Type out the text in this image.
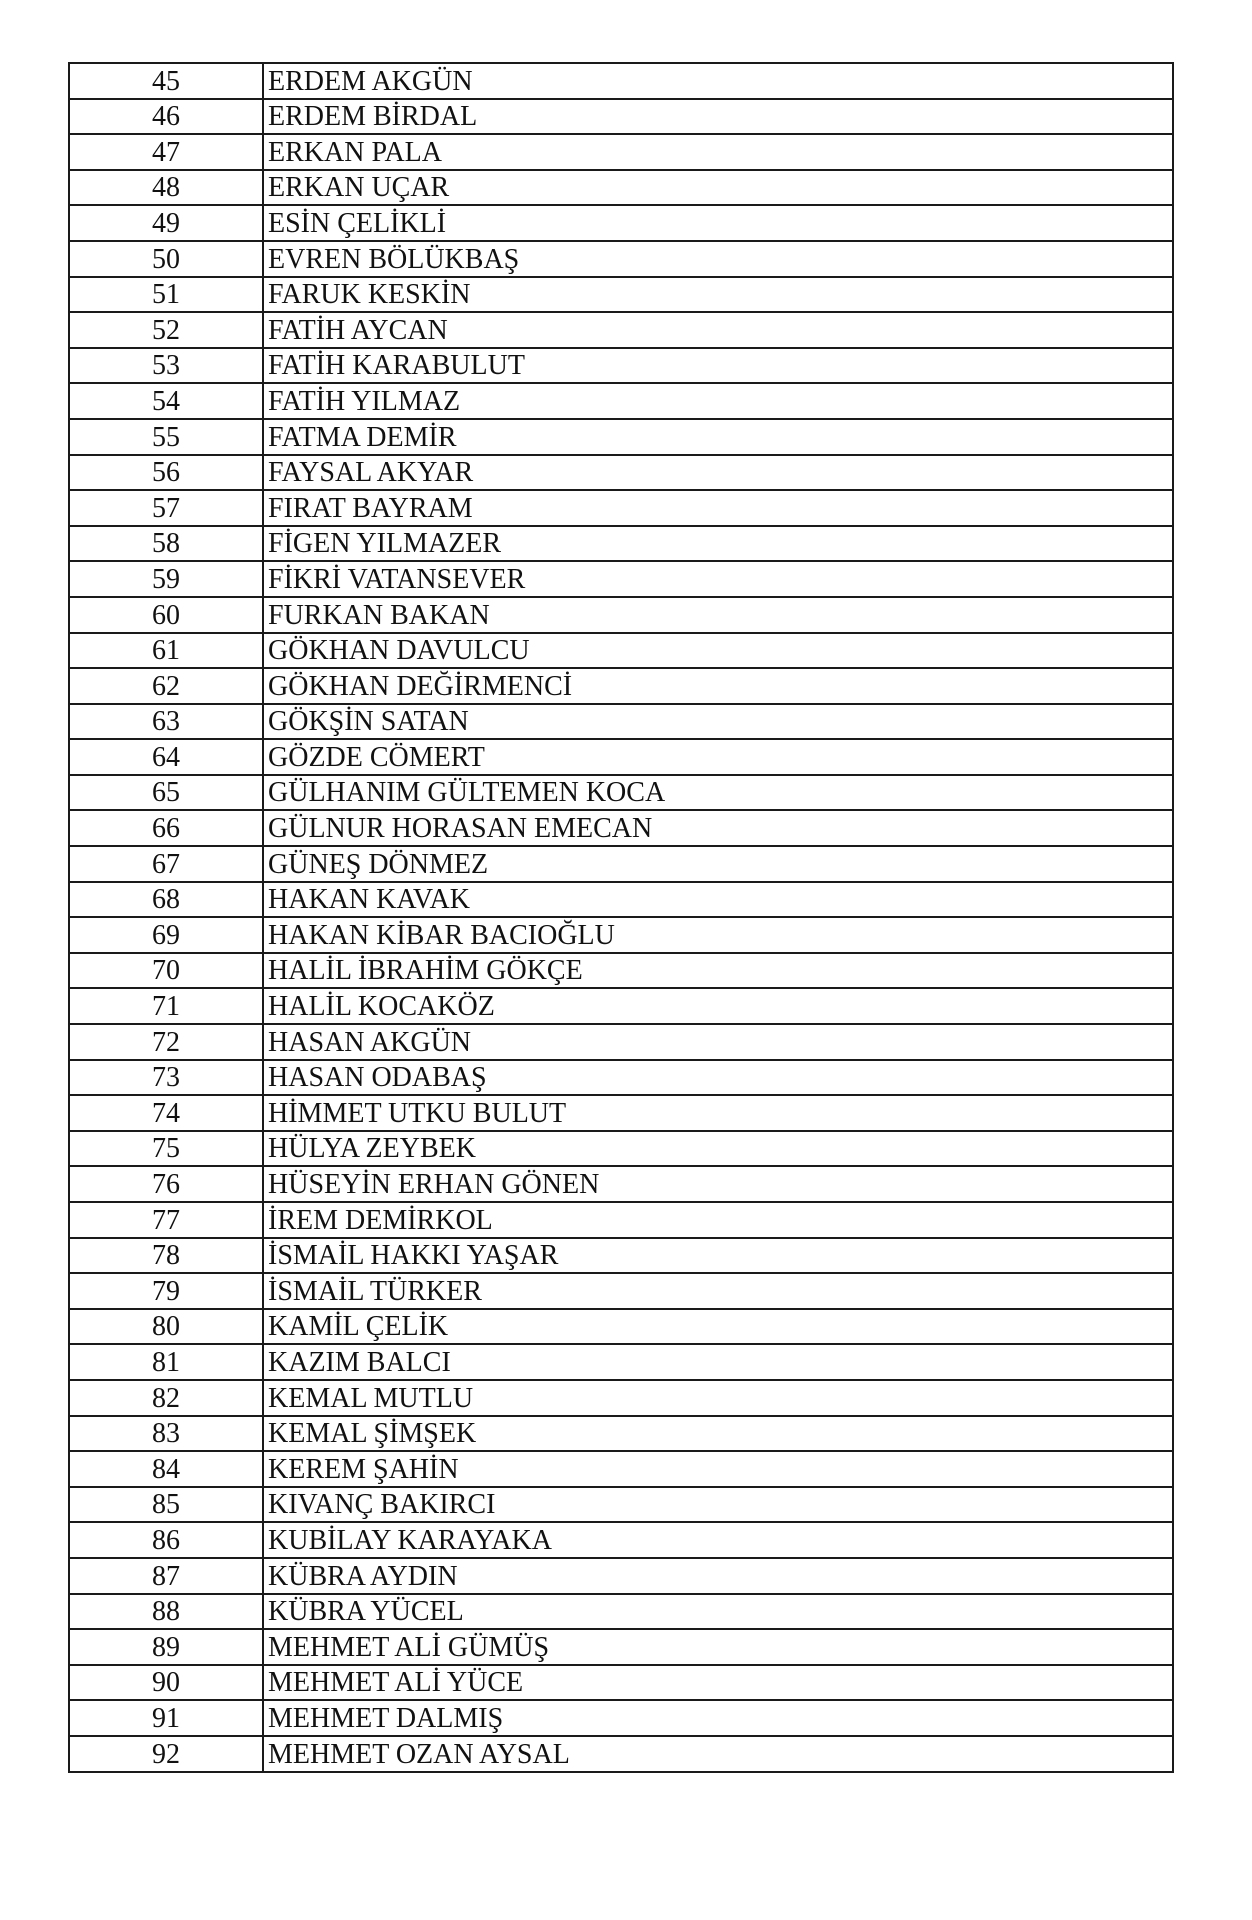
45	ERDEM AKGÜN
46	ERDEM BİRDAL
47	ERKAN PALA
48	ERKAN UÇAR
49	ESİN ÇELİKLİ
50	EVREN BÖLÜKBAŞ
51	FARUK KESKİN
52	FATİH AYCAN
53	FATİH KARABULUT
54	FATİH YILMAZ
55	FATMA DEMİR
56	FAYSAL AKYAR
57	FIRAT BAYRAM
58	FİGEN YILMAZER
59	FİKRİ VATANSEVER
60	FURKAN BAKAN
61	GÖKHAN DAVULCU
62	GÖKHAN DEĞİRMENCİ
63	GÖKŞİN SATAN
64	GÖZDE CÖMERT
65	GÜLHANIM GÜLTEMEN KOCA
66	GÜLNUR HORASAN EMECAN
67	GÜNEŞ DÖNMEZ
68	HAKAN KAVAK
69	HAKAN KİBAR BACIOĞLU
70	HALİL İBRAHİM GÖKÇE
71	HALİL KOCAKÖZ
72	HASAN AKGÜN
73	HASAN ODABAŞ
74	HİMMET UTKU BULUT
75	HÜLYA ZEYBEK
76	HÜSEYİN ERHAN GÖNEN
77	İREM DEMİRKOL
78	İSMAİL HAKKI YAŞAR
79	İSMAİL TÜRKER
80	KAMİL ÇELİK
81	KAZIM BALCI
82	KEMAL MUTLU
83	KEMAL ŞİMŞEK
84	KEREM ŞAHİN
85	KIVANÇ BAKIRCI
86	KUBİLAY KARAYAKA
87	KÜBRA AYDIN
88	KÜBRA YÜCEL
89	MEHMET ALİ GÜMÜŞ
90	MEHMET ALİ YÜCE
91	MEHMET DALMIŞ
92	MEHMET OZAN AYSAL
